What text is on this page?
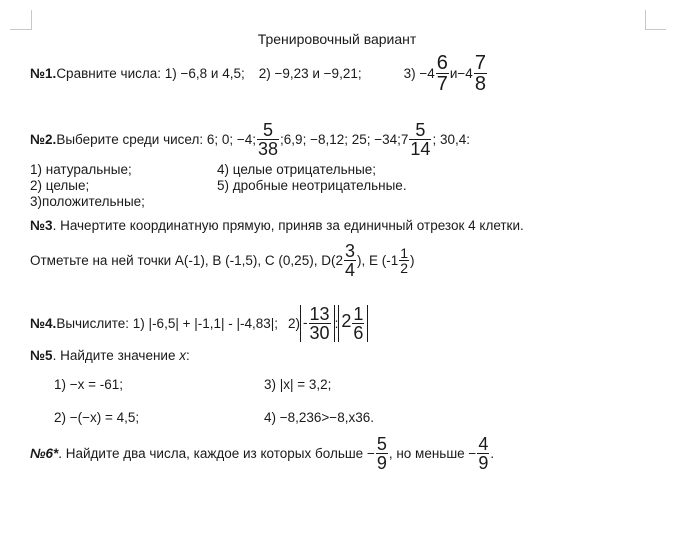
Тренировочный вариант
№1. Сравните числа: 1) −6,8 и 4,5; 2) −9,23 и −9,21;	$3) -4 \frac{6}{7} и-4 \frac{7}{8}$
№2. Выберите среди чисел: 6; 0; −4; $\frac{5}{38}$ ;6,9; −8,12; 25; −34;7 $\frac{5}{14}$ ; 30,4:
1) натуральные;
2) целые;
3)положительные;
4) целые отрицательные;
5) дробные неотрицательные.
№3. Начертите координатную прямую, приняв за единичный отрезок 4 клетки.
Отметьте на ней точки А(-1), В (-1,5), С (0,25), $D(2 \frac{3}{4}$ ), Е ($-1 \frac{1}{2}$ )
№4. Вычислите: 1) |-6,5| + |-1,1| - |-4,83|; $2) - \frac{13}{30}$ : $2 \frac{1}{6}$
№5. Найдите значение x:
1) −x = -61;
2) −(−x) = 4,5;
3) |x| = 3,2;
4) −8,236>−8,x36.
№6* . Найдите два числа, каждое из которых больше − $\frac{5}{9}$ , но меньше − $\frac{4}{9}$ .
